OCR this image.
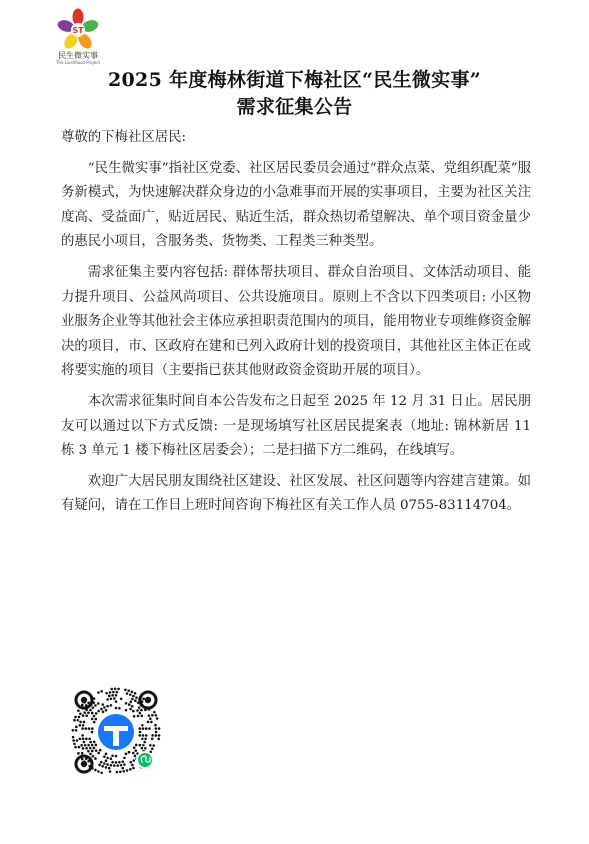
ST
民生微实事
The Livelihood Project
2025 年度梅林街道下梅社区“民生微实事”
需求征集公告

尊敬的下梅社区居民:

“民生微实事”指社区党委、社区居民委员会通过“群众点菜、党组织配菜”服务新模式，为快速解决群众身边的小急难事而开展的实事项目，主要为社区关注度高、受益面广，贴近居民、贴近生活，群众热切希望解决、单个项目资金量少的惠民小项目，含服务类、货物类、工程类三种类型。

需求征集主要内容包括: 群体帮扶项目、群众自治项目、文体活动项目、能力提升项目、公益风尚项目、公共设施项目。原则上不含以下四类项目: 小区物业服务企业等其他社会主体应承担职责范围内的项目，能用物业专项维修资金解决的项目，市、区政府在建和已列入政府计划的投资项目，其他社区主体正在或将要实施的项目（主要指已获其他财政资金资助开展的项目）。

本次需求征集时间自本公告发布之日起至 2025 年 12 月 31 日止。居民朋友可以通过以下方式反馈: 一是现场填写社区居民提案表（地址: 锦林新居 11 栋 3 单元 1 楼下梅社区居委会）；二是扫描下方二维码，在线填写。

欢迎广大居民朋友围绕社区建设、社区发展、社区问题等内容建言建策。如有疑问，请在工作日上班时间咨询下梅社区有关工作人员 0755-83114704。
